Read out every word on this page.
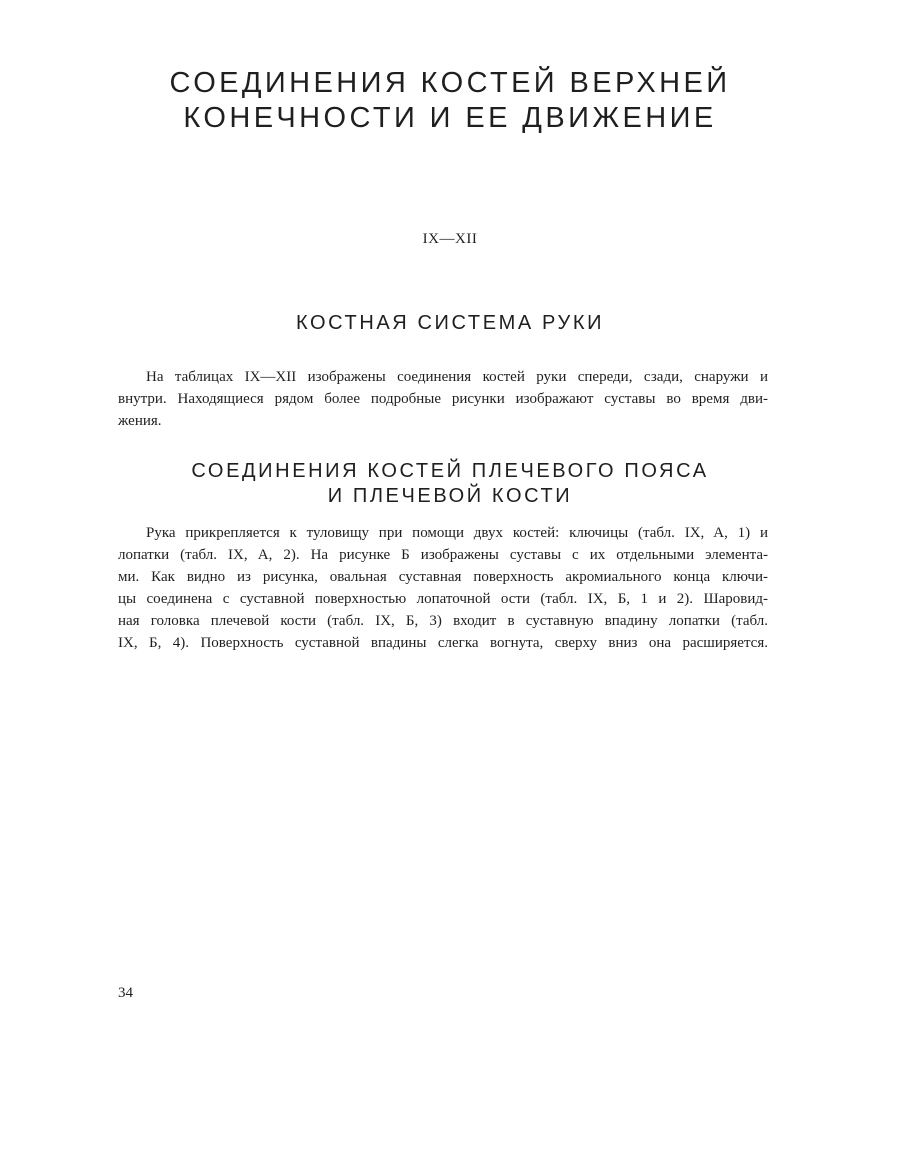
СОЕДИНЕНИЯ КОСТЕЙ ВЕРХНЕЙ
КОНЕЧНОСТИ И ЕЕ ДВИЖЕНИЕ
IX—XII
КОСТНАЯ СИСТЕМА РУКИ

На таблицах IX—XII изображены соединения костей руки спереди, сзади, снаружи и
внутри. Находящиеся рядом более подробные рисунки изображают суставы во время дви-
жения.

СОЕДИНЕНИЯ КОСТЕЙ ПЛЕЧЕВОГО ПОЯСА
И ПЛЕЧЕВОЙ КОСТИ

Рука прикрепляется к туловищу при помощи двух костей: ключицы (табл. IX, A, 1) и
лопатки (табл. IX, A, 2). На рисунке Б изображены суставы с их отдельными элемента-
ми. Как видно из рисунка, овальная суставная поверхность акромиального конца ключи-
цы соединена с суставной поверхностью лопаточной ости (табл. IX, Б, 1 и 2). Шаровид-
ная головка плечевой кости (табл. IX, Б, 3) входит в суставную впадину лопатки (табл.
IX, Б, 4). Поверхность суставной впадины слегка вогнута, сверху вниз она расширяется.

34
